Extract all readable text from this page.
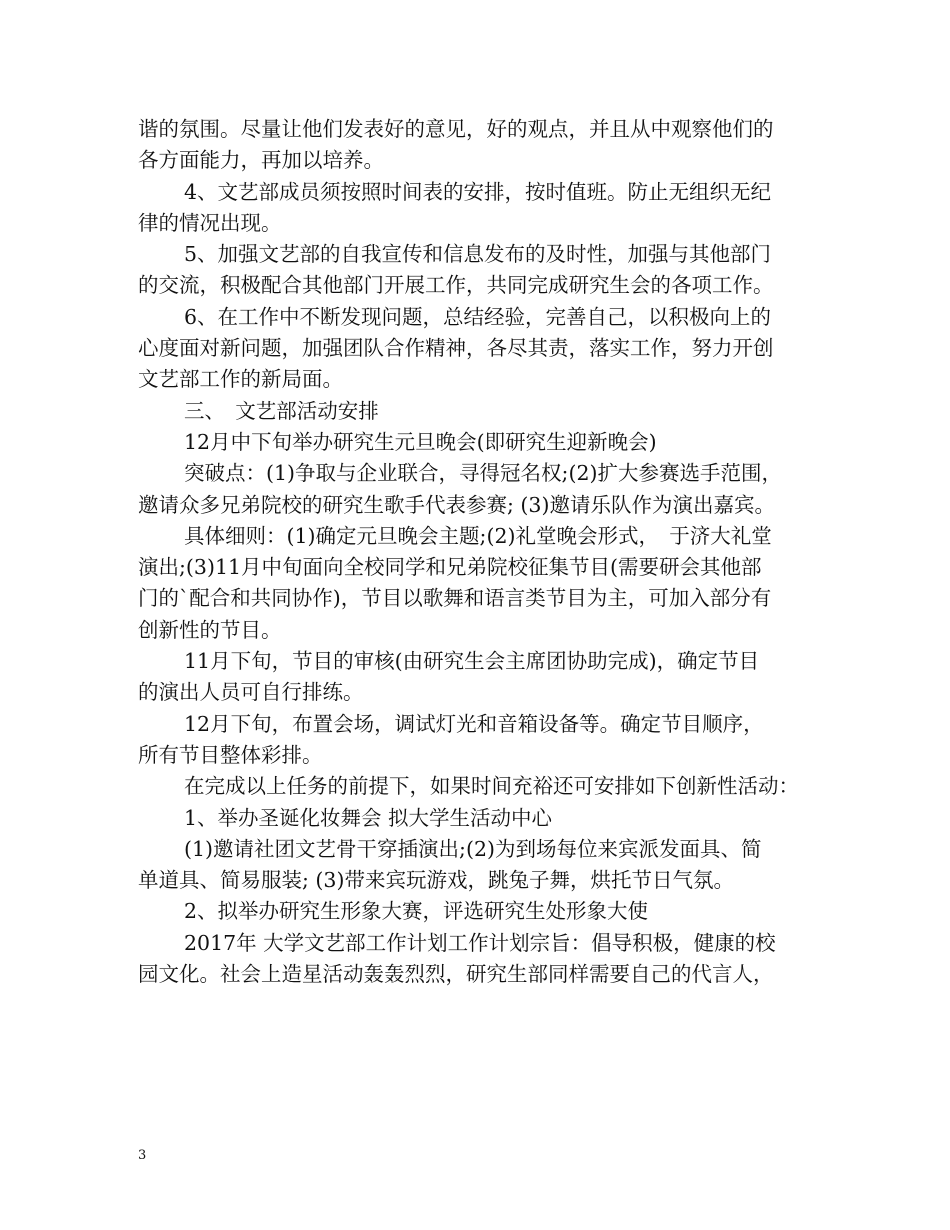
谐的氛围。尽量让他们发表好的意见，好的观点，并且从中观察他们的
各方面能力，再加以培养。
4、文艺部成员须按照时间表的安排，按时值班。防止无组织无纪
律的情况出现。
5、加强文艺部的自我宣传和信息发布的及时性，加强与其他部门
的交流，积极配合其他部门开展工作，共同完成研究生会的各项工作。
6、在工作中不断发现问题，总结经验，完善自己，以积极向上的
心度面对新问题，加强团队合作精神，各尽其责，落实工作，努力开创
文艺部工作的新局面。
三、　文艺部活动安排
12月中下旬举办研究生元旦晚会(即研究生迎新晚会)
突破点：(1)争取与企业联合，寻得冠名权;(2)扩大参赛选手范围，
邀请众多兄弟院校的研究生歌手代表参赛; (3)邀请乐队作为演出嘉宾。
具体细则：(1)确定元旦晚会主题;(2)礼堂晚会形式，　于济大礼堂
演出;(3)11月中旬面向全校同学和兄弟院校征集节目(需要研会其他部
门的`配合和共同协作)，节目以歌舞和语言类节目为主，可加入部分有
创新性的节目。
11月下旬，节目的审核(由研究生会主席团协助完成)，确定节目
的演出人员可自行排练。
12月下旬，布置会场，调试灯光和音箱设备等。确定节目顺序，
所有节目整体彩排。
在完成以上任务的前提下，如果时间充裕还可安排如下创新性活动：
1、举办圣诞化妆舞会 拟大学生活动中心
(1)邀请社团文艺骨干穿插演出;(2)为到场每位来宾派发面具、简
单道具、简易服装; (3)带来宾玩游戏，跳兔子舞，烘托节日气氛。
2、拟举办研究生形象大赛，评选研究生处形象大使
2017年 大学文艺部工作计划工作计划宗旨：倡导积极，健康的校
园文化。社会上造星活动轰轰烈烈，研究生部同样需要自己的代言人，
3
